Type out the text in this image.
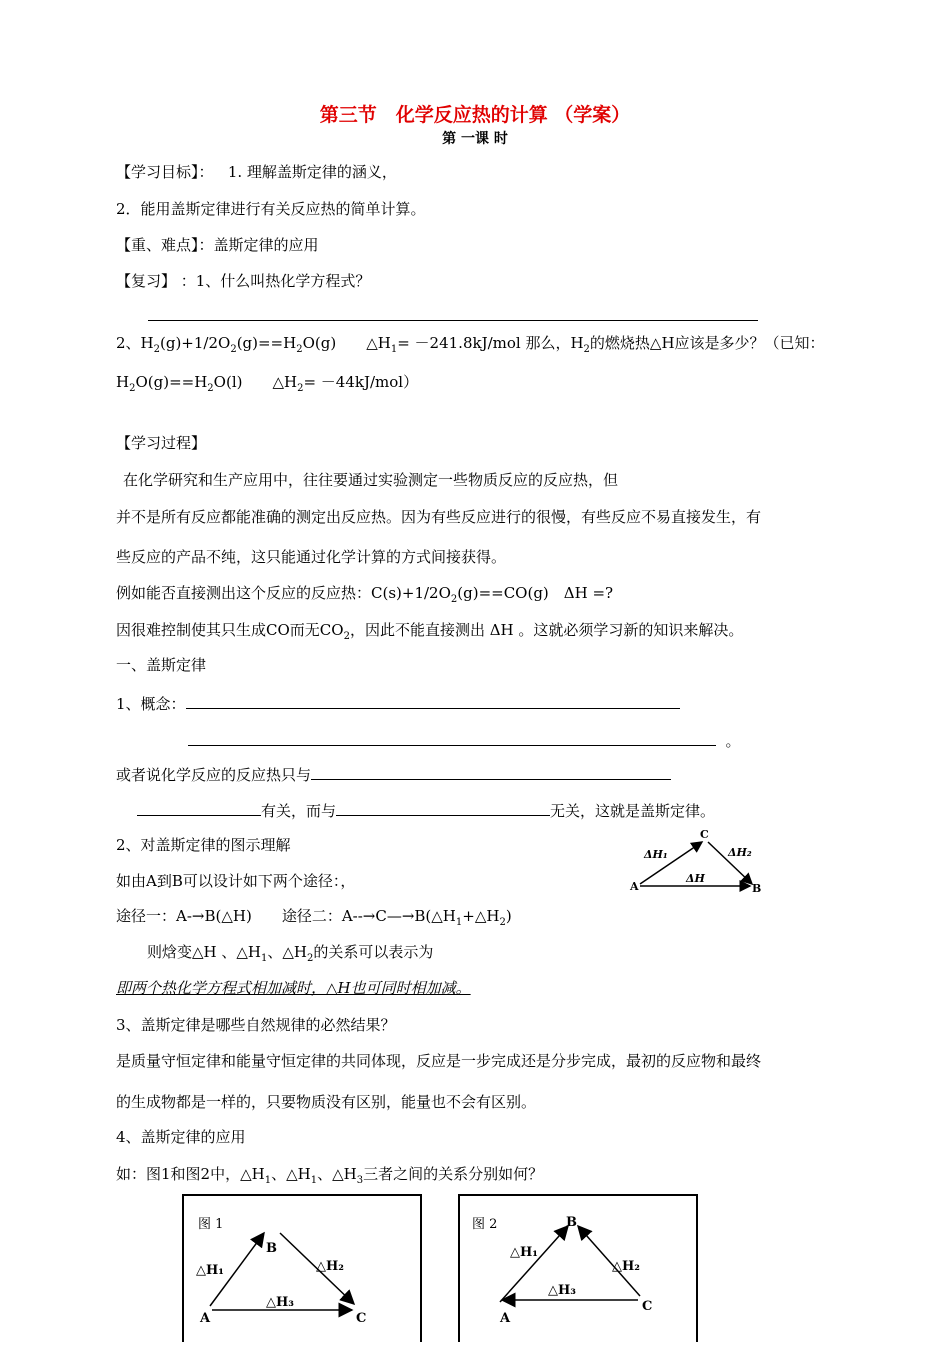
第三节　化学反应热的计算 （学案）
第 一课 时
【学习目标】： 1. 理解盖斯定律的涵义，
2．能用盖斯定律进行有关反应热的简单计算。
【重、难点】：盖斯定律的应用
【复习】 ：1、什么叫热化学方程式？
2、$H_2(g)+1/2O_2(g)==H_2O(g)$　　$\triangle H_1= -241.8kJ/mol$ 那么，$H_2$的燃烧热△H应该是多少？（已知：
$H_2O(g)==H_2O(l)$　　$\triangle H_2= -44kJ/mol$）
【学习过程】
在化学研究和生产应用中，往往要通过实验测定一些物质反应的反应热，但
并不是所有反应都能准确的测定出反应热。因为有些反应进行的很慢，有些反应不易直接发生，有
些反应的产品不纯，这只能通过化学计算的方式间接获得。
例如能否直接测出这个反应的反应热：$C(s)+1/2O_2(g)==CO(g)$　ΔH =?
因很难控制使其只生成CO而无$CO_2$，因此不能直接测出 ΔH 。这就必须学习新的知识来解决。
一、盖斯定律
1、概念：
。
或者说化学反应的反应热只与
有关，而与	无关，这就是盖斯定律。
2、对盖斯定律的图示理解
如由A到B可以设计如下两个途径：，
途径一：A-→B(△H)　　途径二：$A--\to C—\to B(\triangle H_1+\triangle H_2)$
则焓变△H 、$\triangle H_1$、$\triangle H_2$的关系可以表示为
即两个热化学方程式相加减时，△H也可同时相加减。
3、盖斯定律是哪些自然规律的必然结果？
是质量守恒定律和能量守恒定律的共同体现，反应是一步完成还是分步完成，最初的反应物和最终
的生成物都是一样的，只要物质没有区别，能量也不会有区别。
4、盖斯定律的应用
如：图1和图2中，$\triangle H_1$、$\triangle H_1$、$\triangle H_3$三者之间的关系分别如何？
ΔH₁	ΔH₂
ΔH
A	B
C
图 1
△H₁	△H₂
△H₃
A
B
C
图 2
△H₁
△H₂
△H₃
A
B
C
